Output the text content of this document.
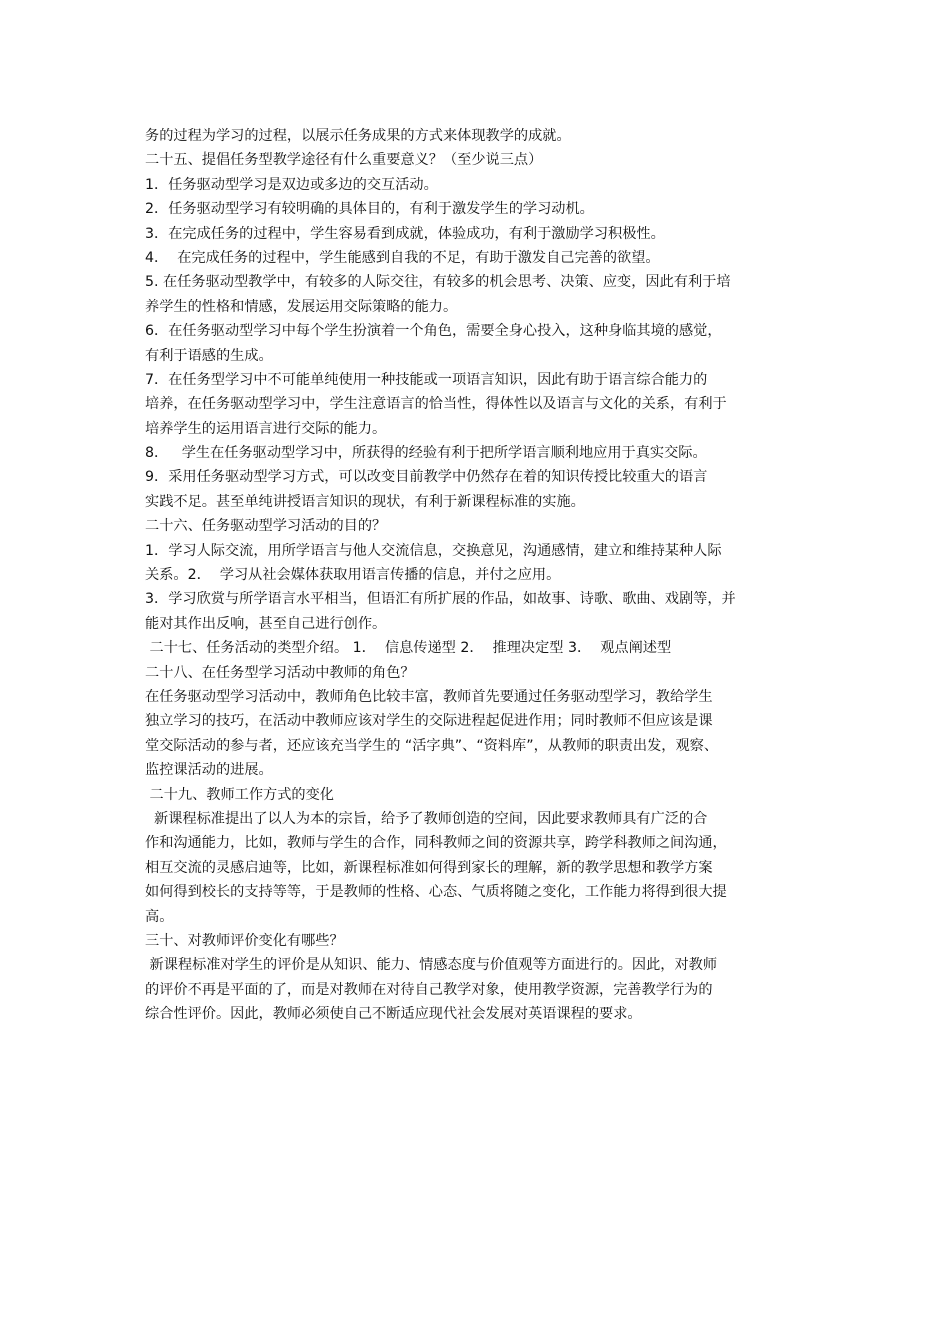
务的过程为学习的过程，以展示任务成果的方式来体现教学的成就。
二十五、提倡任务型教学途径有什么重要意义？（至少说三点）
1．任务驱动型学习是双边或多边的交互活动。
2．任务驱动型学习有较明确的具体目的，有利于激发学生的学习动机。
3．在完成任务的过程中，学生容易看到成就，体验成功，有利于激励学习积极性。
4．  在完成任务的过程中，学生能感到自我的不足，有助于激发自己完善的欲望。
5. 在任务驱动型教学中，有较多的人际交往，有较多的机会思考、决策、应变，因此有利于培
养学生的性格和情感，发展运用交际策略的能力。
6．在任务驱动型学习中每个学生扮演着一个角色，需要全身心投入，这种身临其境的感觉，
有利于语感的生成。
7．在任务型学习中不可能单纯使用一种技能或一项语言知识，因此有助于语言综合能力的
培养，在任务驱动型学习中，学生注意语言的恰当性，得体性以及语言与文化的关系，有利于
培养学生的运用语言进行交际的能力。
8．   学生在任务驱动型学习中，所获得的经验有利于把所学语言顺利地应用于真实交际。
9．采用任务驱动型学习方式，可以改变目前教学中仍然存在着的知识传授比较重大的语言
实践不足。甚至单纯讲授语言知识的现状，有利于新课程标准的实施。
二十六、任务驱动型学习活动的目的？
1．学习人际交流，用所学语言与他人交流信息，交换意见，沟通感情，建立和维持某种人际
关系。2．  学习从社会媒体获取用语言传播的信息，并付之应用。
3．学习欣赏与所学语言水平相当，但语汇有所扩展的作品，如故事、诗歌、歌曲、戏剧等，并
能对其作出反响，甚至自己进行创作。
二十七、任务活动的类型介绍。 1．  信息传递型 2．  推理决定型 3．  观点阐述型
二十八、在任务型学习活动中教师的角色？
在任务驱动型学习活动中，教师角色比较丰富，教师首先要通过任务驱动型学习，教给学生
独立学习的技巧，在活动中教师应该对学生的交际进程起促进作用；同时教师不但应该是课
堂交际活动的参与者，还应该充当学生的 “活字典”、“资料库”，从教师的职责出发，观察、
监控课活动的进展。
二十九、教师工作方式的变化
新课程标准提出了以人为本的宗旨，给予了教师创造的空间，因此要求教师具有广泛的合
作和沟通能力，比如，教师与学生的合作，同科教师之间的资源共享，跨学科教师之间沟通，
相互交流的灵感启迪等，比如，新课程标准如何得到家长的理解，新的教学思想和教学方案
如何得到校长的支持等等，于是教师的性格、心态、气质将随之变化，工作能力将得到很大提
高。
三十、对教师评价变化有哪些？
新课程标准对学生的评价是从知识、能力、情感态度与价值观等方面进行的。因此，对教师
的评价不再是平面的了，而是对教师在对待自己教学对象，使用教学资源，完善教学行为的
综合性评价。因此，教师必须使自己不断适应现代社会发展对英语课程的要求。
